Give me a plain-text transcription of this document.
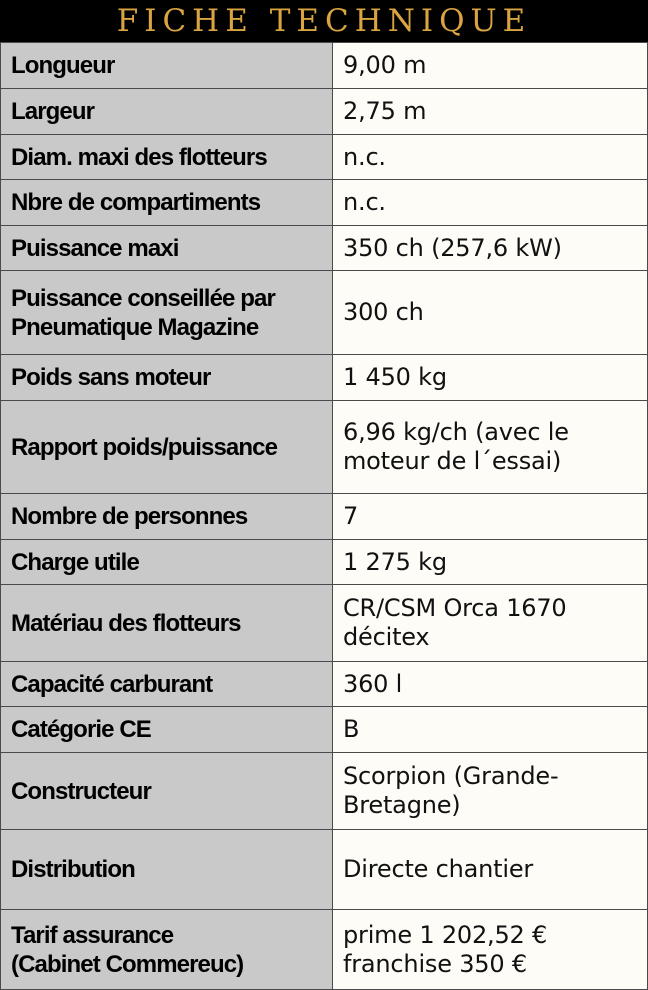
FICHE TECHNIQUE
Longueur	9,00 m

Largeur	2,75 m

Diam. maxi des flotteurs	n.c.

Nbre de compartiments	n.c.

Puissance maxi	350 ch (257,6 kW)

Puissance conseillée par
Pneumatique Magazine	300 ch

Poids sans moteur	1 450 kg

Rapport poids/puissance	6,96 kg/ch (avec le
moteur de l´essai)

Nombre de personnes	7

Charge utile	1 275 kg

Matériau des flotteurs	CR/CSM Orca 1670
décitex

Capacité carburant	360 l

Catégorie CE	B

Constructeur	Scorpion (Grande-
Bretagne)

Distribution	Directe chantier

Tarif assurance
(Cabinet Commereuc)	prime 1 202,52 €
franchise 350 €
